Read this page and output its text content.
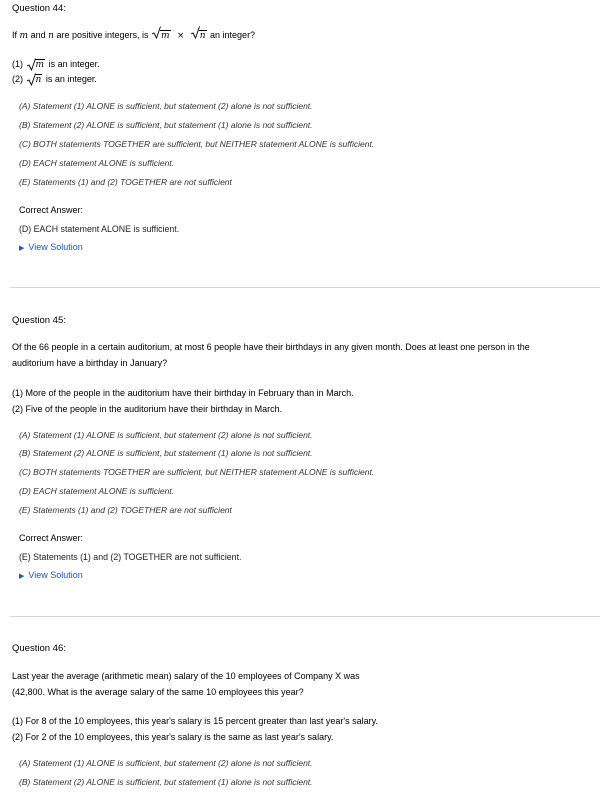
Question 44:
If m and n are positive integers, is m × n an integer?
(1) m is an integer.
(2) n is an integer.
(A) Statement (1) ALONE is sufficient, but statement (2) alone is not sufficient.
(B) Statement (2) ALONE is sufficient, but statement (1) alone is not sufficient.
(C) BOTH statements TOGETHER are sufficient, but NEITHER statement ALONE is sufficient.
(D) EACH statement ALONE is sufficient.
(E) Statements (1) and (2) TOGETHER are not sufficient
Correct Answer:
(D) EACH statement ALONE is sufficient.
▶ View Solution
Question 45:
Of the 66 people in a certain auditorium, at most 6 people have their birthdays in any given month. Does at least one person in the
auditorium have a birthday in January?
(1) More of the people in the auditorium have their birthday in February than in March.
(2) Five of the people in the auditorium have their birthday in March.
(A) Statement (1) ALONE is sufficient, but statement (2) alone is not sufficient.
(B) Statement (2) ALONE is sufficient, but statement (1) alone is not sufficient.
(C) BOTH statements TOGETHER are sufficient, but NEITHER statement ALONE is sufficient.
(D) EACH statement ALONE is sufficient.
(E) Statements (1) and (2) TOGETHER are not sufficient
Correct Answer:
(E) Statements (1) and (2) TOGETHER are not sufficient.
▶ View Solution
Question 46:
Last year the average (arithmetic mean) salary of the 10 employees of Company X was
(42,800. What is the average salary of the same 10 employees this year?
(1) For 8 of the 10 employees, this year's salary is 15 percent greater than last year's salary.
(2) For 2 of the 10 employees, this year's salary is the same as last year's salary.
(A) Statement (1) ALONE is sufficient, but statement (2) alone is not sufficient.
(B) Statement (2) ALONE is sufficient, but statement (1) alone is not sufficient.
